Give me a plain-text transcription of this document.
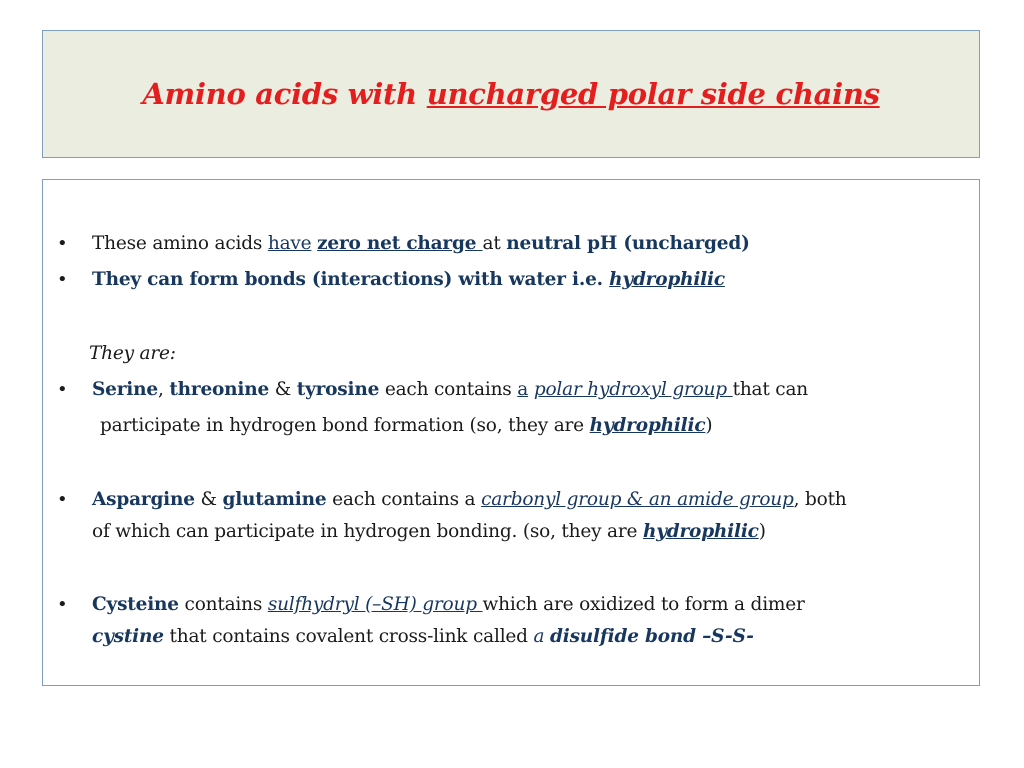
Amino acids with uncharged polar side chains
• These amino acids have zero net charge at neutral pH (uncharged)
• They can form bonds (interactions) with water i.e. hydrophilic
They are:
• Serine, threonine & tyrosine each contains a polar hydroxyl group that can
participate in hydrogen bond formation (so, they are hydrophilic)
• Aspargine & glutamine each contains a carbonyl group & an amide group, both
of which can participate in hydrogen bonding. (so, they are hydrophilic)
• Cysteine contains sulfhydryl (–SH) group which are oxidized to form a dimer
cystine that contains covalent cross-link called a disulfide bond –S-S-
